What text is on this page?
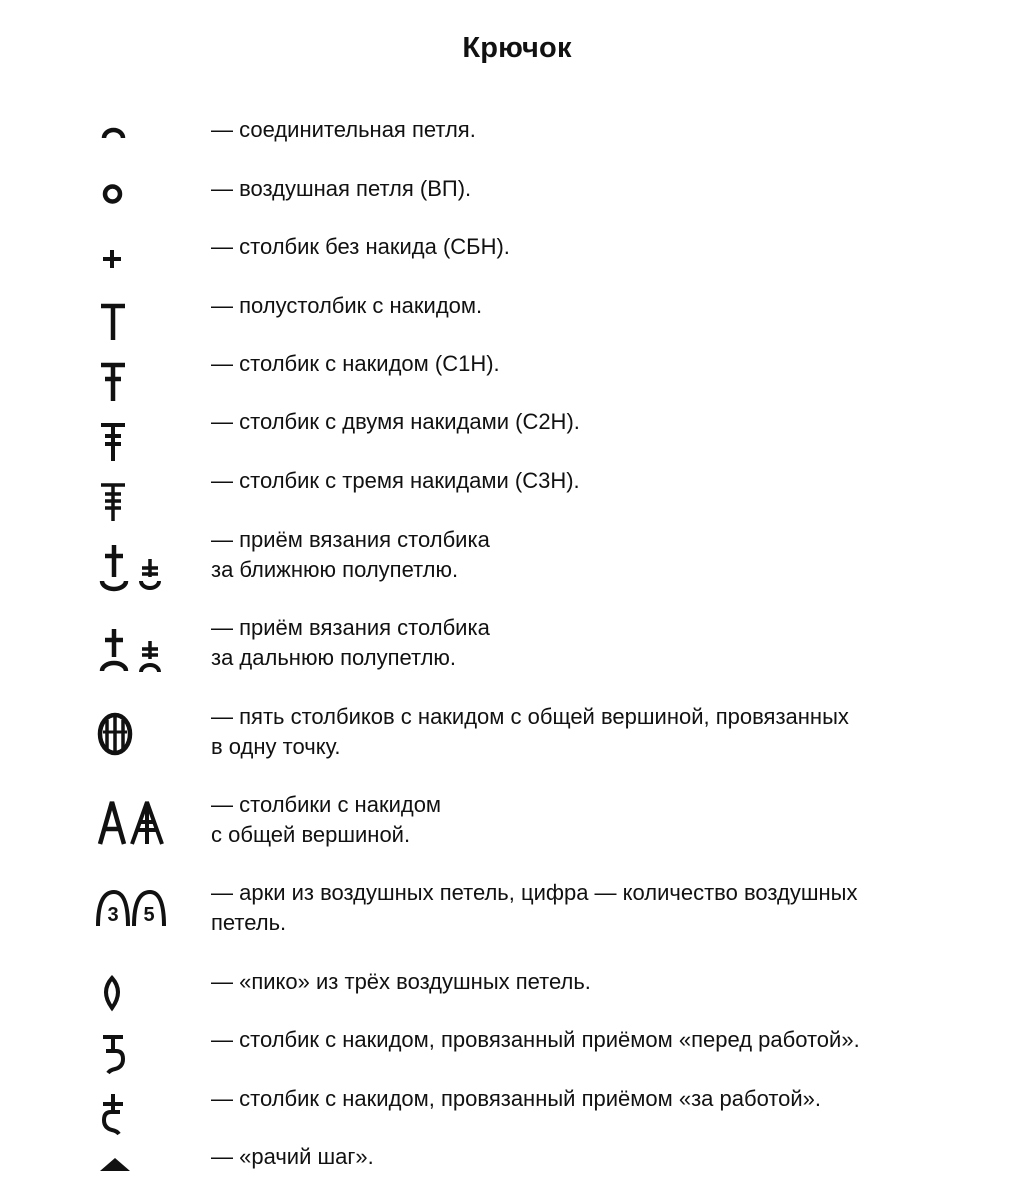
Крючок
— соединительная петля.
— воздушная петля (ВП).
— столбик без накида (СБН).
— полустолбик с накидом.
— столбик с накидом (С1Н).
— столбик с двумя накидами (С2Н).
— столбик с тремя накидами (С3Н).
— приём вязания столбика
за ближнюю полупетлю.
— приём вязания столбика
за дальнюю полупетлю.
— пять столбиков с накидом с общей вершиной, провязанных
в одну точку.
— столбики с накидом
с общей вершиной.
3 5
— арки из воздушных петель, цифра — количество воздушных
петель.
— «пико» из трёх воздушных петель.
— столбик с накидом, провязанный приёмом «перед работой».
— столбик с накидом, провязанный приёмом «за работой».
— «рачий шаг».
